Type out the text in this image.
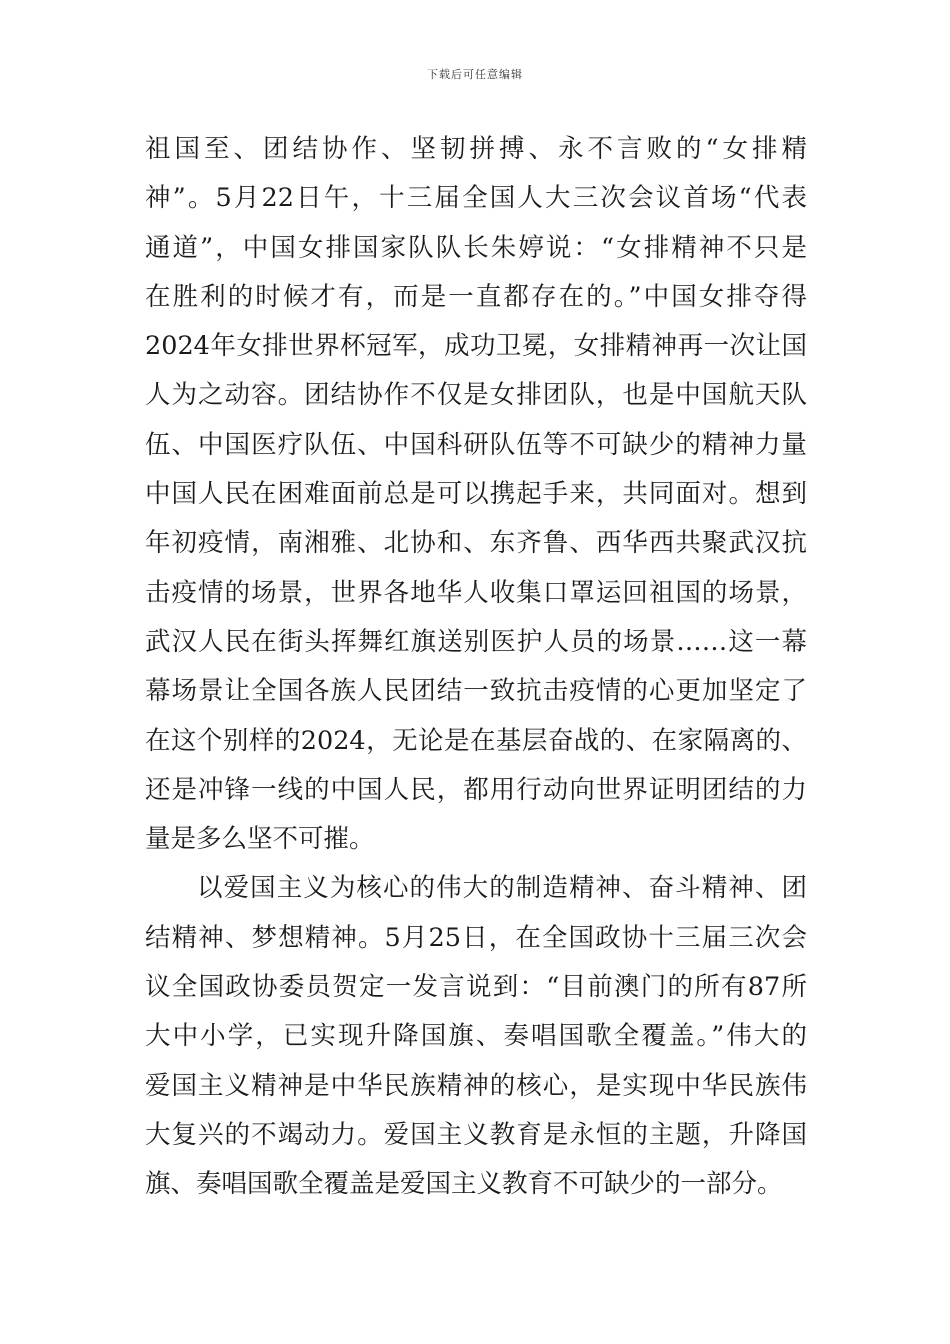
下载后可任意编辑
祖国至、团结协作、坚韧拼搏、永不言败的“女排精
神”。5月22日午，十三届全国人大三次会议首场“代表
通道”，中国女排国家队队长朱婷说：“女排精神不只是
在胜利的时候才有，而是一直都存在的。”中国女排夺得
2024年女排世界杯冠军，成功卫冕，女排精神再一次让国
人为之动容。团结协作不仅是女排团队，也是中国航天队
伍、中国医疗队伍、中国科研队伍等不可缺少的精神力量
中国人民在困难面前总是可以携起手来，共同面对。想到
年初疫情，南湘雅、北协和、东齐鲁、西华西共聚武汉抗
击疫情的场景，世界各地华人收集口罩运回祖国的场景，
武汉人民在街头挥舞红旗送别医护人员的场景……这一幕
幕场景让全国各族人民团结一致抗击疫情的心更加坚定了
在这个别样的2024，无论是在基层奋战的、在家隔离的、
还是冲锋一线的中国人民，都用行动向世界证明团结的力
量是多么坚不可摧。
以爱国主义为核心的伟大的制造精神、奋斗精神、团
结精神、梦想精神。5月25日，在全国政协十三届三次会
议全国政协委员贺定一发言说到：“目前澳门的所有87所
大中小学，已实现升降国旗、奏唱国歌全覆盖。”伟大的
爱国主义精神是中华民族精神的核心，是实现中华民族伟
大复兴的不竭动力。爱国主义教育是永恒的主题，升降国
旗、奏唱国歌全覆盖是爱国主义教育不可缺少的一部分。
